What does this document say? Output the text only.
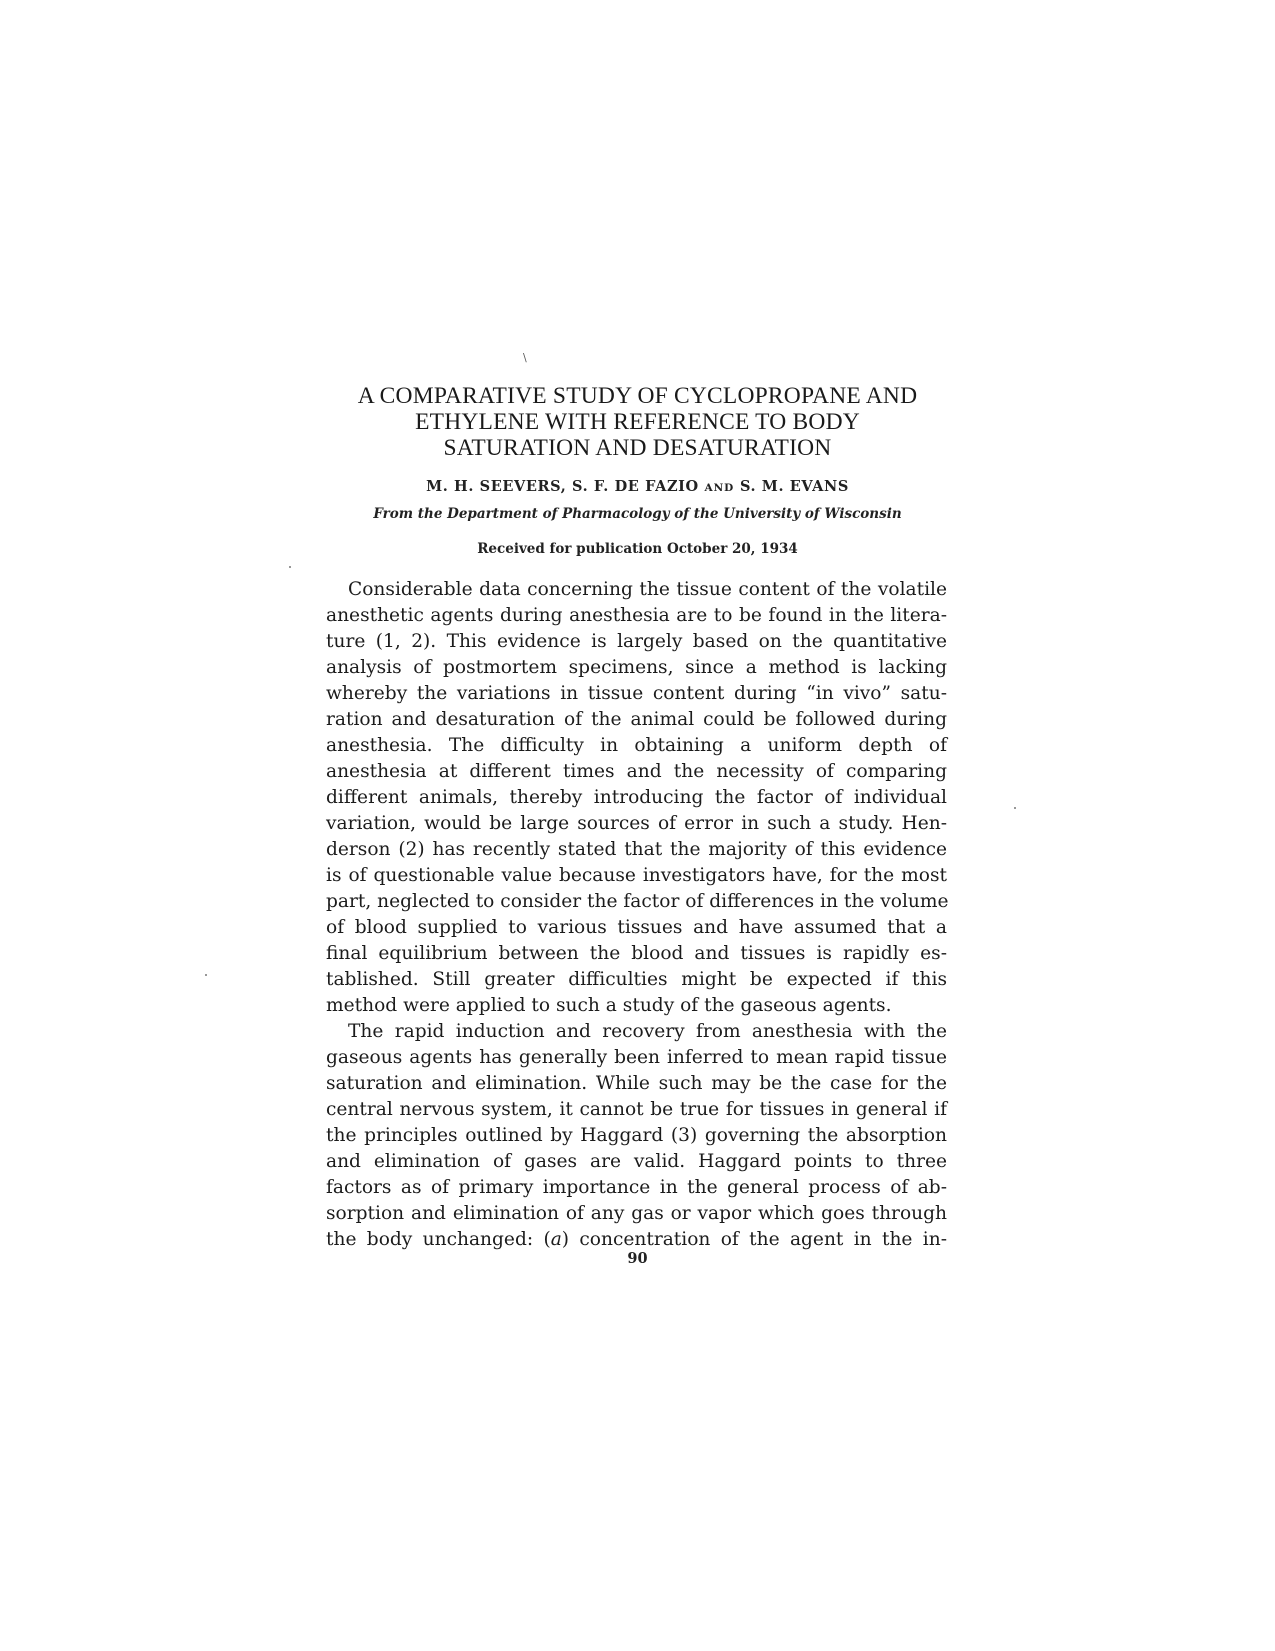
\
A COMPARATIVE STUDY OF CYCLOPROPANE AND
ETHYLENE WITH REFERENCE TO BODY
SATURATION AND DESATURATION
M. H. SEEVERS, S. F. DE FAZIO AND S. M. EVANS
From the Department of Pharmacology of the University of Wisconsin
Received for publication October 20, 1934
Considerable data concerning the tissue content of the volatile
anesthetic agents during anesthesia are to be found in the litera-
ture (1, 2). This evidence is largely based on the quantitative
analysis of postmortem specimens, since a method is lacking
whereby the variations in tissue content during “in vivo” satu-
ration and desaturation of the animal could be followed during
anesthesia. The difficulty in obtaining a uniform depth of
anesthesia at different times and the necessity of comparing
different animals, thereby introducing the factor of individual
variation, would be large sources of error in such a study. Hen-
derson (2) has recently stated that the majority of this evidence
is of questionable value because investigators have, for the most
part, neglected to consider the factor of differences in the volume
of blood supplied to various tissues and have assumed that a
final equilibrium between the blood and tissues is rapidly es-
tablished. Still greater difficulties might be expected if this
method were applied to such a study of the gaseous agents.
The rapid induction and recovery from anesthesia with the
gaseous agents has generally been inferred to mean rapid tissue
saturation and elimination. While such may be the case for the
central nervous system, it cannot be true for tissues in general if
the principles outlined by Haggard (3) governing the absorption
and elimination of gases are valid. Haggard points to three
factors as of primary importance in the general process of ab-
sorption and elimination of any gas or vapor which goes through
the body unchanged: (a) concentration of the agent in the in-
90
